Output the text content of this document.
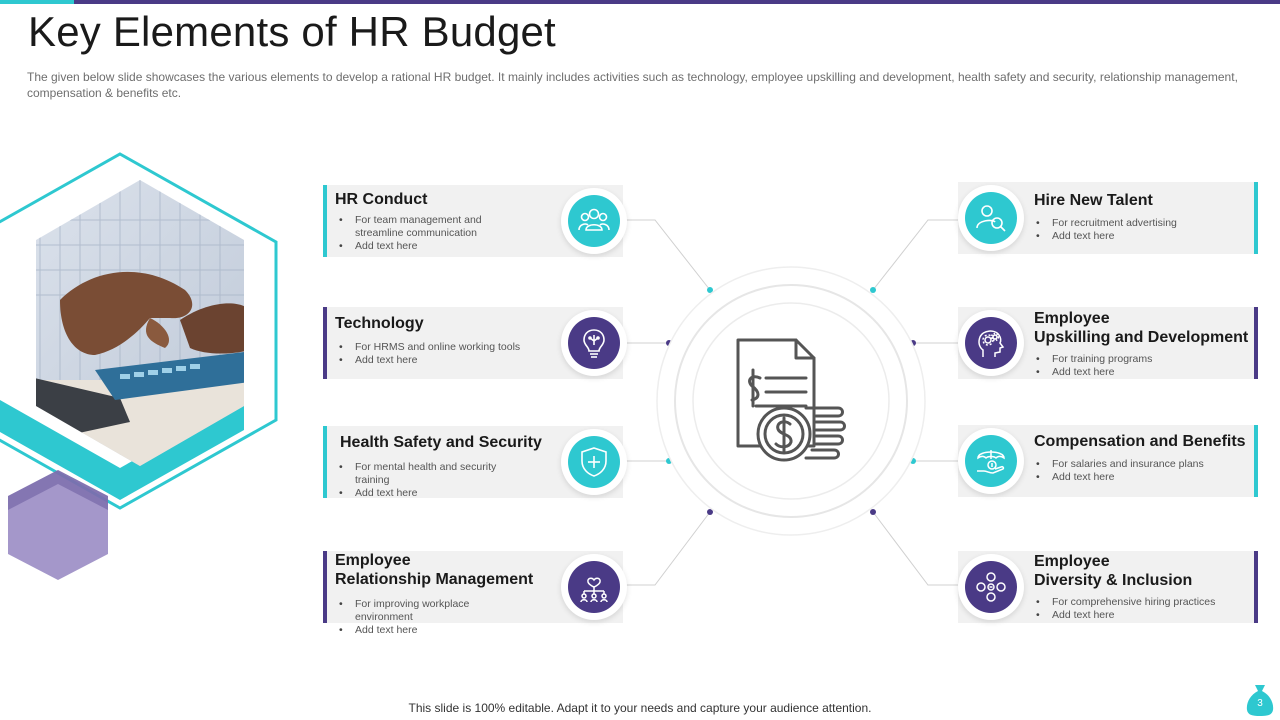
Key Elements of HR Budget

The given below slide showcases the various elements to develop a rational HR budget. It mainly includes activities such as technology, employee upskilling and development, health safety and security, relationship management, compensation & benefits etc.

HR Conduct
• For team management and streamline communication
• Add text here
Technology
• For HRMS and online working tools
• Add text here
Health Safety and Security
• For mental health and security training
• Add text here
Employee
Relationship Management
• For improving workplace environment
• Add text here
Hire New Talent
• For recruitment advertising
• Add text here
Employee
Upskilling and Development
• For training programs
• Add text here
Compensation and Benefits
• For salaries and insurance plans
• Add text here
Employee
Diversity & Inclusion
• For comprehensive hiring practices
• Add text here
This slide is 100% editable. Adapt it to your needs and capture your audience attention.	3
